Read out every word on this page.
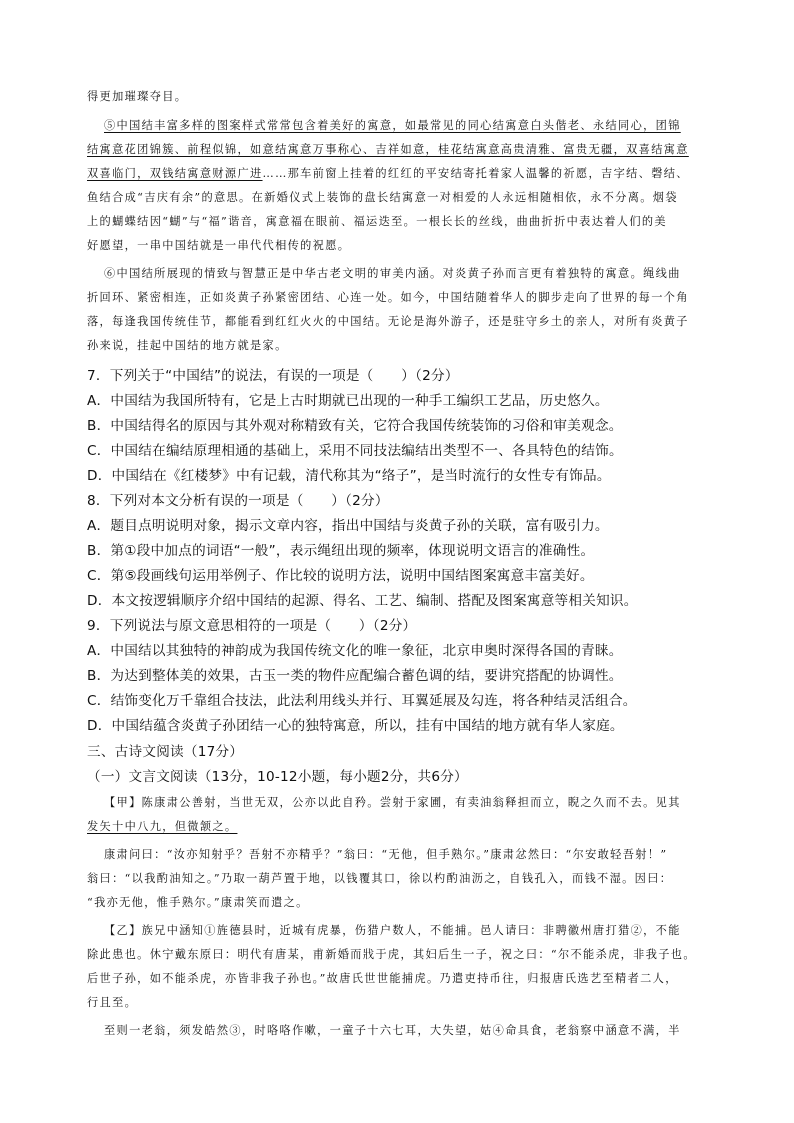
得更加璀璨夺目。
⑤中国结丰富多样的图案样式常常包含着美好的寓意，如最常见的同心结寓意白头偕老、永结同心，团锦
结寓意花团锦簇、前程似锦，如意结寓意万事称心、吉祥如意，桂花结寓意高贵清雅、富贵无疆，双喜结寓意
双喜临门，双钱结寓意财源广进……那车前窗上挂着的红红的平安结寄托着家人温馨的祈愿，吉字结、磬结、
鱼结合成“吉庆有余”的意思。在新婚仪式上装饰的盘长结寓意一对相爱的人永远相随相依，永不分离。烟袋
上的蝴蝶结因“蝴”与“福”谐音，寓意福在眼前、福运迭至。一根长长的丝线，曲曲折折中表达着人们的美
好愿望，一串中国结就是一串代代相传的祝愿。
⑥中国结所展现的情致与智慧正是中华古老文明的审美内涵。对炎黄子孙而言更有着独特的寓意。绳线曲
折回环、紧密相连，正如炎黄子孙紧密团结、心连一处。如今，中国结随着华人的脚步走向了世界的每一个角
落，每逢我国传统佳节，都能看到红红火火的中国结。无论是海外游子，还是驻守乡土的亲人，对所有炎黄子
孙来说，挂起中国结的地方就是家。
7．下列关于“中国结”的说法，有误的一项是（　　）（2分）
A．中国结为我国所特有，它是上古时期就已出现的一种手工编织工艺品，历史悠久。
B．中国结得名的原因与其外观对称精致有关，它符合我国传统装饰的习俗和审美观念。
C．中国结在编结原理相通的基础上，采用不同技法编结出类型不一、各具特色的结饰。
D．中国结在《红楼梦》中有记载，清代称其为“络子”，是当时流行的女性专有饰品。
8．下列对本文分析有误的一项是（　　）（2分）
A．题目点明说明对象，揭示文章内容，指出中国结与炎黄子孙的关联，富有吸引力。
B．第①段中加点的词语“一般”，表示绳纽出现的频率，体现说明文语言的准确性。
C．第⑤段画线句运用举例子、作比较的说明方法，说明中国结图案寓意丰富美好。
D．本文按逻辑顺序介绍中国结的起源、得名、工艺、编制、搭配及图案寓意等相关知识。
9．下列说法与原文意思相符的一项是（　　）（2分）
A．中国结以其独特的神韵成为我国传统文化的唯一象征，北京申奥时深得各国的青睐。
B．为达到整体美的效果，古玉一类的物件应配编合蓄色调的结，要讲究搭配的协调性。
C．结饰变化万千靠组合技法，此法利用线头并行、耳翼延展及勾连，将各种结灵活组合。
D．中国结蕴含炎黄子孙团结一心的独特寓意，所以，挂有中国结的地方就有华人家庭。
三、古诗文阅读（17分）
（一）文言文阅读（13分，10-12小题，每小题2分，共6分）
【甲】陈康肃公善射，当世无双，公亦以此自矜。尝射于家圃，有卖油翁释担而立，睨之久而不去。见其
发矢十中八九，但微颔之。
康肃问曰：“汝亦知射乎？吾射不亦精乎？”翁曰：“无他，但手熟尔。”康肃忿然曰：“尔安敢轻吾射！”
翁曰：“以我酌油知之。”乃取一葫芦置于地，以钱覆其口，徐以杓酌油沥之，自钱孔入，而钱不湿。因曰：
“我亦无他，惟手熟尔。”康肃笑而遣之。
【乙】族兄中涵知①旌德县时，近城有虎暴，伤猎户数人，不能捕。邑人请曰：非聘徽州唐打猎②，不能
除此患也。休宁戴东原曰：明代有唐某，甫新婚而戕于虎，其妇后生一子，祝之曰：“尔不能杀虎，非我子也。
后世子孙，如不能杀虎，亦皆非我子孙也。”故唐氏世世能捕虎。乃遣吏持币往，归报唐氏选艺至精者二人，
行且至。
至则一老翁，须发皓然③，时咯咯作嗽，一童子十六七耳，大失望，姑④命具食，老翁察中涵意不满，半
